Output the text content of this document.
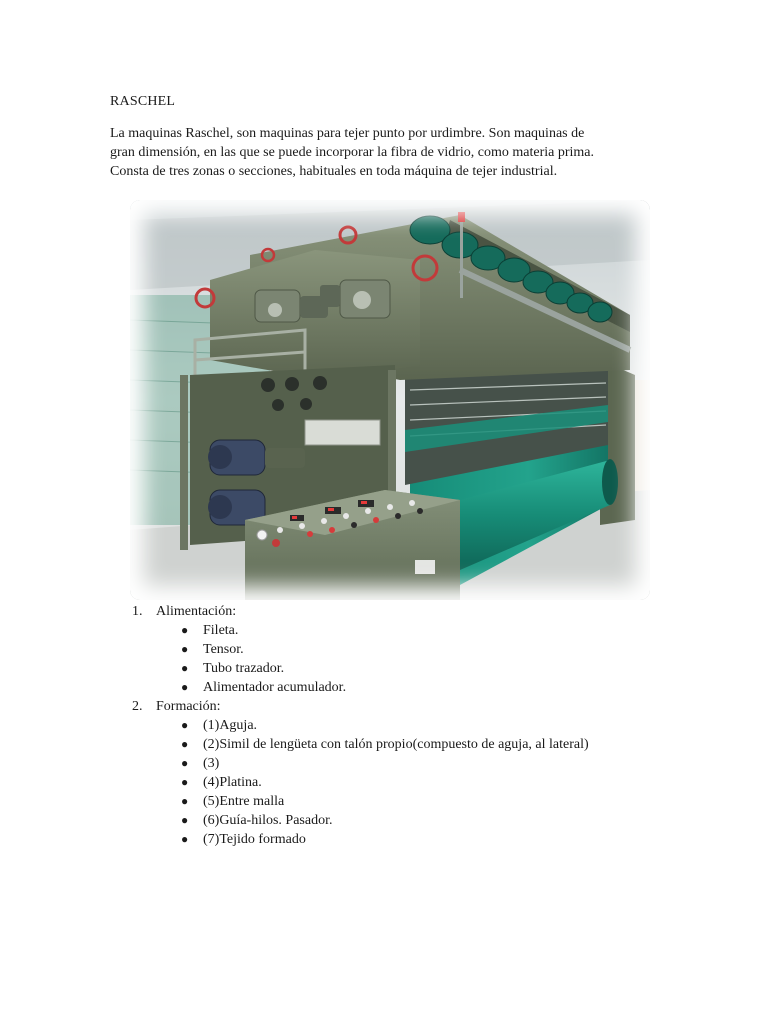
RASCHEL

La maquinas Raschel, son maquinas para tejer punto por urdimbre. Son maquinas de

gran dimensión, en las que se puede incorporar la fibra de vidrio, como materia prima.

Consta de tres zonas o secciones, habituales en toda máquina de tejer industrial.

1. Alimentación:
● Fileta.
● Tensor.
● Tubo trazador.
● Alimentador acumulador.
2. Formación:
● (1)Aguja.
● (2)Simil de lengüeta con talón propio(compuesto de aguja, al lateral)
● (3)
● (4)Platina.
● (5)Entre malla
● (6)Guía-hilos. Pasador.
● (7)Tejido formado
